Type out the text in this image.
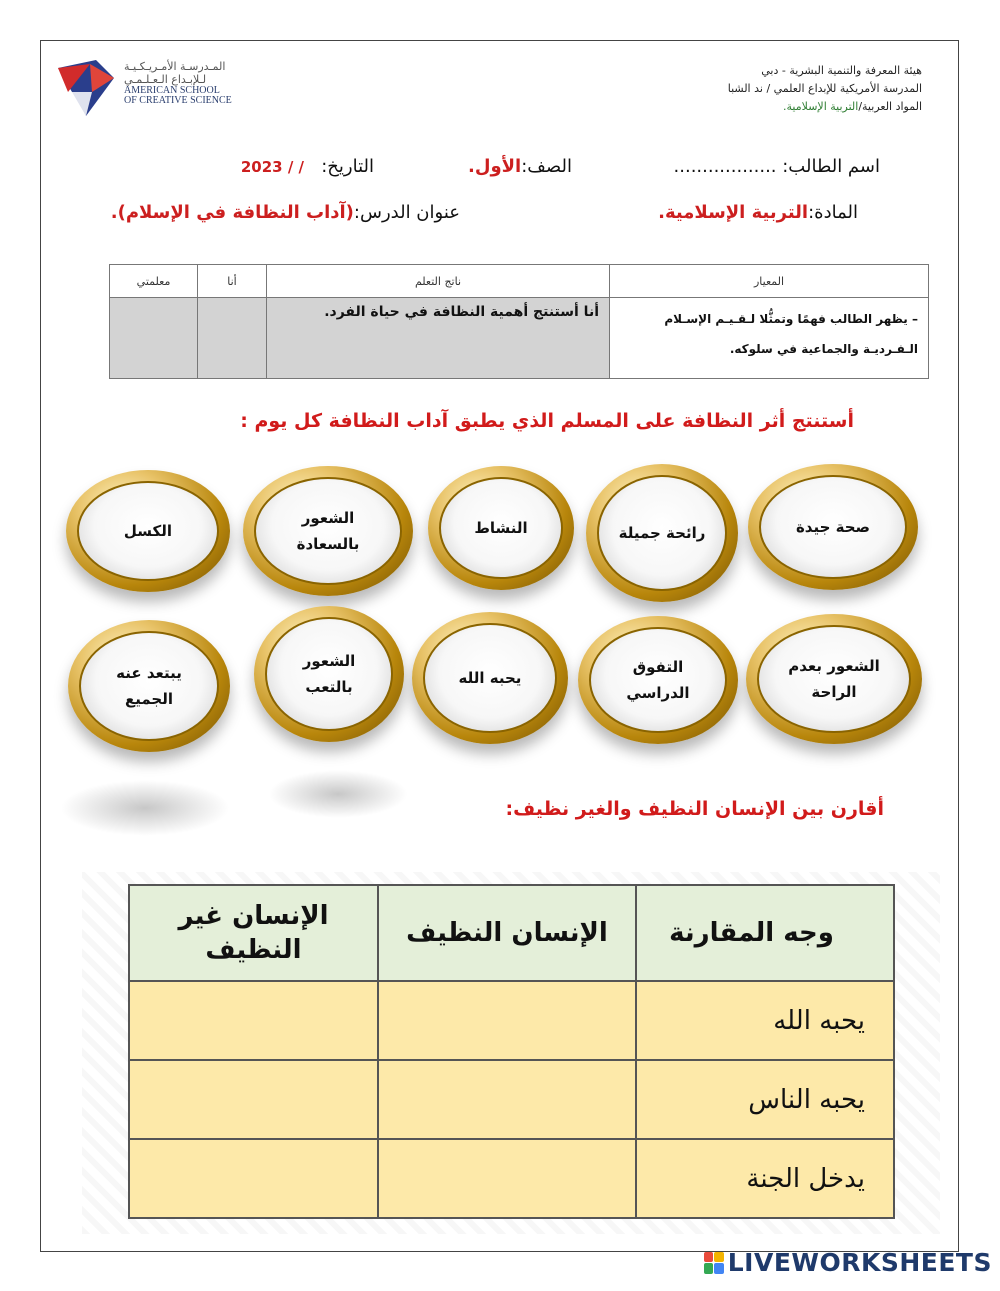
المـدرسـة الأمـريـكـيـة
لـلإبـداع الـعـلـمـي
AMERICAN SCHOOL
OF CREATIVE SCIENCE
هيئة المعرفة والتنمية البشرية - دبي
المدرسة الأمريكية للإبداع العلمي / ند الشبا
المواد العربية/التربية الإسلامية.
اسم الطالب: ..................
الصف:الأول.
التاريخ:   / / 2023
المادة:التربية الإسلامية.
عنوان الدرس:(آداب النظافة في الإسلام).
المعيار	ناتج التعلم	أنا	معلمتي
– يظهر الطالب فهمًا وتمثُّلا لـقـيـم الإسـلام الـفـرديـة والجماعية في سلوكه.	أنا أستنتج أهمية النظافة في حياة الفرد.		
أستنتج أثر النظافة على المسلم الذي يطبق آداب النظافة كل يوم :
صحة جيدة
رائحة جميلة
النشاط
الشعور بالسعادة
الكسل
الشعور بعدم الراحة
التفوق الدراسي
يحبه الله
الشعور بالتعب
يبتعد عنه الجميع
أقارن بين الإنسان النظيف والغير نظيف:
وجه المقارنة	الإنسان النظيف	الإنسان غير النظيف
يحبه الله		
يحبه الناس		
يدخل الجنة		
LIVEWORKSHEETS
